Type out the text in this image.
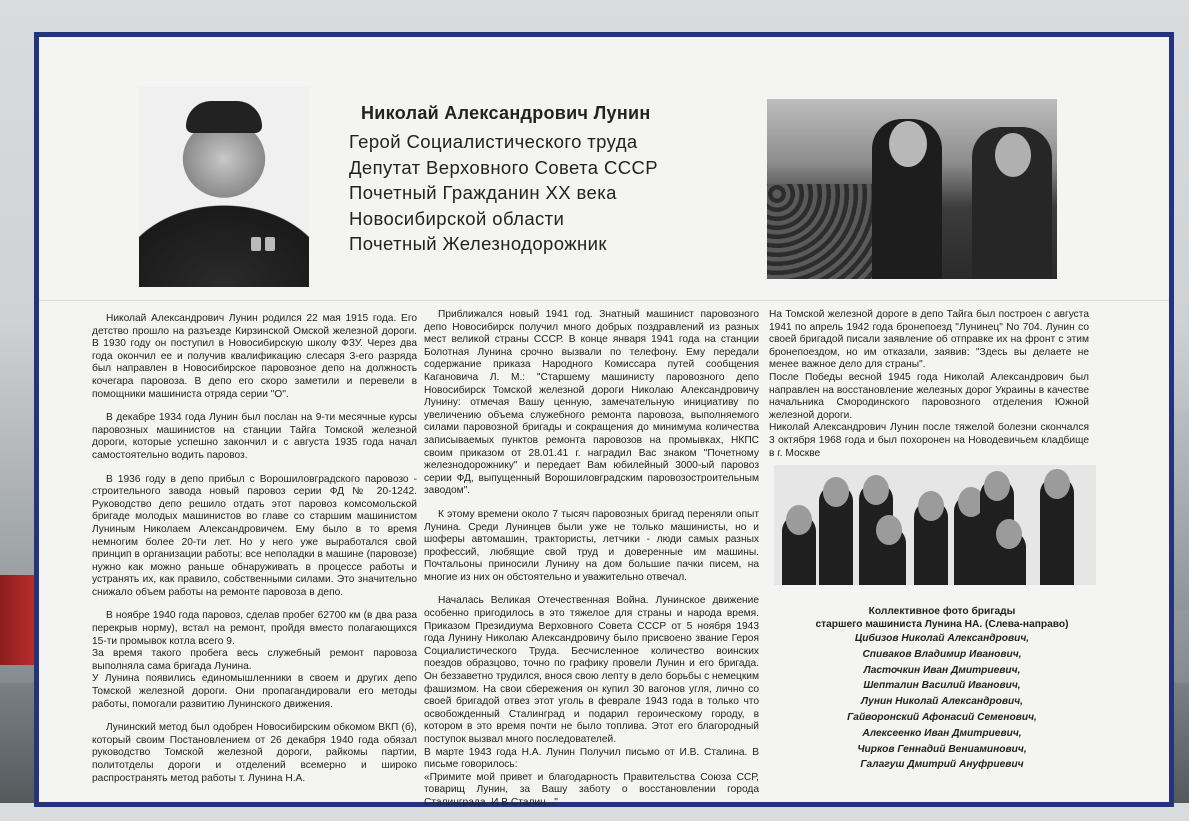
Николай Александрович Лунин
Герой Социалистического труда
Депутат Верховного Совета СССР
Почетный Гражданин XX века
Новосибирской области
Почетный Железнодорожник

Николай Александрович Лунин родился 22 мая 1915 года. Его детство прошло на разъезде Кирзинской Омской железной дороги. В 1930 году он поступил в Новосибирскую школу ФЗУ. Через два года окончил ее и получив квалификацию слесаря 3-его разряда был направлен в Новосибирское паровозное депо на должность кочегара паровоза. В депо его скоро заметили и перевели в помощники машиниста отряда серии "О".

В декабре 1934 года Лунин был послан на 9-ти месячные курсы паровозных машинистов на станции Тайга Томской железной дороги, которые успешно закончил и с августа 1935 года начал самостоятельно водить паровоз.

В 1936 году в депо прибыл с Ворошиловградского паровозо - строительного завода новый паровоз серии ФД № 20-1242. Руководство депо решило отдать этот паровоз комсомольской бригаде молодых машинистов во главе со старшим машинистом Луниным Николаем Александровичем. Ему было в то время немногим более 20-ти лет. Но у него уже выработался свой принцип в организации работы: все неполадки в машине (паровозе) нужно как можно раньше обнаруживать в процессе работы и устранять их, как правило, собственными силами. Это значительно снижало объем работы на ремонте паровоза в депо.

В ноябре 1940 года паровоз, сделав пробег 62700 км (в два раза перекрыв норму), встал на ремонт, пройдя вместо полагающихся 15-ти промывок котла всего 9.
За время такого пробега весь служебный ремонт паровоза выполняла сама бригада Лунина.
У Лунина появились единомышленники в своем и других депо Томской железной дороги. Они пропагандировали его методы работы, помогали развитию Лунинского движения.

Лунинский метод был одобрен Новосибирским обкомом ВКП (б), который своим Постановлением от 26 декабря 1940 года обязал руководство Томской железной дороги, райкомы партии, политотделы дороги и отделений всемерно и широко распространять метод работы т. Лунина Н.А.

Приближался новый 1941 год. Знатный машинист паровозного депо Новосибирск получил много добрых поздравлений из разных мест великой страны СССР. В конце января 1941 года на станции Болотная Лунина срочно вызвали по телефону. Ему передали содержание приказа Народного Комиссара путей сообщения Кагановича Л. М.: "Старшему машинисту паровозного депо Новосибирск Томской железной дороги Николаю Александровичу Лунину: отмечая Вашу ценную, замечательную инициативу по увеличению объема служебного ремонта паровоза, выполняемого силами паровозной бригады и сокращения до минимума количества записываемых пунктов ремонта паровозов на промывках, НКПС своим приказом от 28.01.41 г. наградил Вас знаком "Почетному железнодорожнику" и передает Вам юбилейный 3000-ый паровоз серии ФД, выпущенный Ворошиловградским паровозостроительным заводом".

К этому времени около 7 тысяч паровозных бригад переняли опыт Лунина. Среди Лунинцев были уже не только машинисты, но и шоферы автомашин, трактористы, летчики - люди самых разных профессий, любящие свой труд и доверенные им машины. Почтальоны приносили Лунину на дом большие пачки писем, на многие из них он обстоятельно и уважительно отвечал.

Началась Великая Отечественная Война. Лунинское движение особенно пригодилось в это тяжелое для страны и народа время. Приказом Президиума Верховного Совета СССР от 5 ноября 1943 года Лунину Николаю Александровичу было присвоено звание Героя Социалистического Труда. Бесчисленное количество воинских поездов образцово, точно по графику провели Лунин и его бригада. Он беззаветно трудился, внося свою лепту в дело борьбы с немецким фашизмом. На свои сбережения он купил 30 вагонов угля, лично со своей бригадой отвез этот уголь в феврале 1943 года в только что освобожденный Сталинград и подарил героическому городу, в котором в это время почти не было топлива. Этот его благородный поступок вызвал много последователей.
В марте 1943 года Н.А. Лунин Получил письмо от И.В. Сталина. В письме говорилось:
«Примите мой привет и благодарность Правительства Союза ССР, товарищ Лунин, за Вашу заботу о восстановлении города Сталинграда. И.В.Сталин..."

На Томской железной дороге в депо Тайга был построен с августа 1941 по апрель 1942 года бронепоезд "Лунинец" No 704. Лунин со своей бригадой писали заявление об отправке их на фронт с этим бронепоездом, но им отказали, заявив: "Здесь вы делаете не менее важное дело для страны".

После Победы весной 1945 года Николай Александрович был направлен на восстановление железных дорог Украины в качестве начальника Смородинского паровозного отделения Южной железной дороги.

Николай Александрович Лунин после тяжелой болезни скончался 3 октября 1968 года и был похоронен на Новодевичьем кладбище в г. Москве

Коллективное фото бригады
старшего машиниста Лунина НА. (Слева-направо)
Цибизов Николай Александрович,
Спиваков Владимир Иванович,
Ласточкин Иван Дмитриевич,
Шепталин Василий Иванович,
Лунин Николай Александрович,
Гайворонский Афонасий Семенович,
Алексеенко Иван Дмитриевич,
Чирков Геннадий Вениаминович,
Галагуш Дмитрий Ануфриевич
